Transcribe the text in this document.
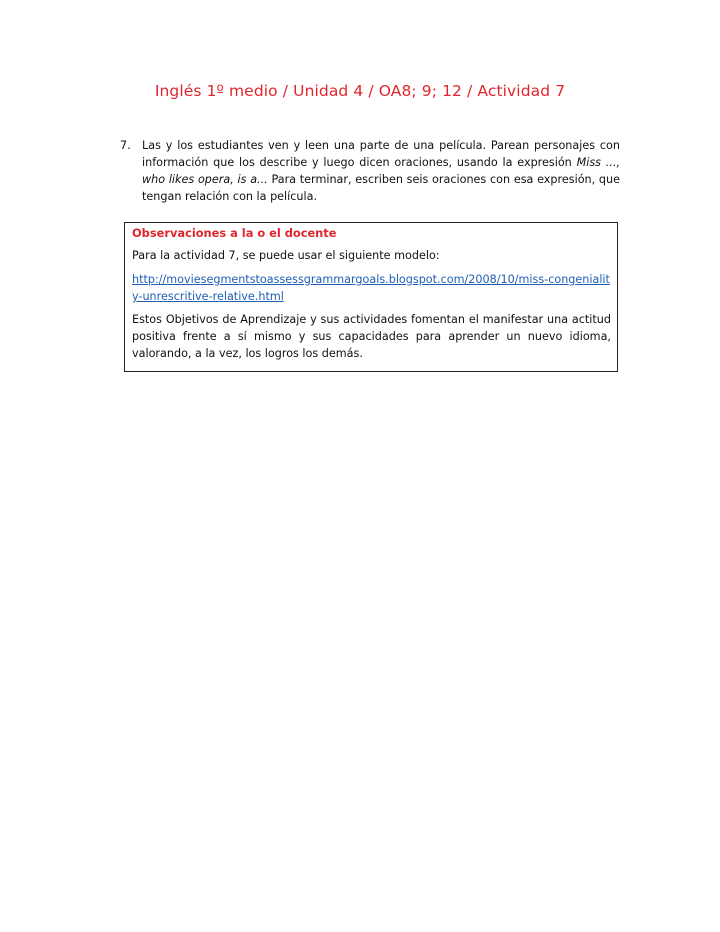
Inglés 1º medio / Unidad 4 / OA8; 9; 12 / Actividad 7
7. Las y los estudiantes ven y leen una parte de una película. Parean personajes con información que los describe y luego dicen oraciones, usando la expresión Miss ..., who likes opera, is a... Para terminar, escriben seis oraciones con esa expresión, que tengan relación con la película.
Observaciones a la o el docente

Para la actividad 7, se puede usar el siguiente modelo:

http://moviesegmentstoassessgrammargoals.blogspot.com/2008/10/miss-congeniality-unrescritive-relative.html

Estos Objetivos de Aprendizaje y sus actividades fomentan el manifestar una actitud positiva frente a sí mismo y sus capacidades para aprender un nuevo idioma, valorando, a la vez, los logros los demás.
